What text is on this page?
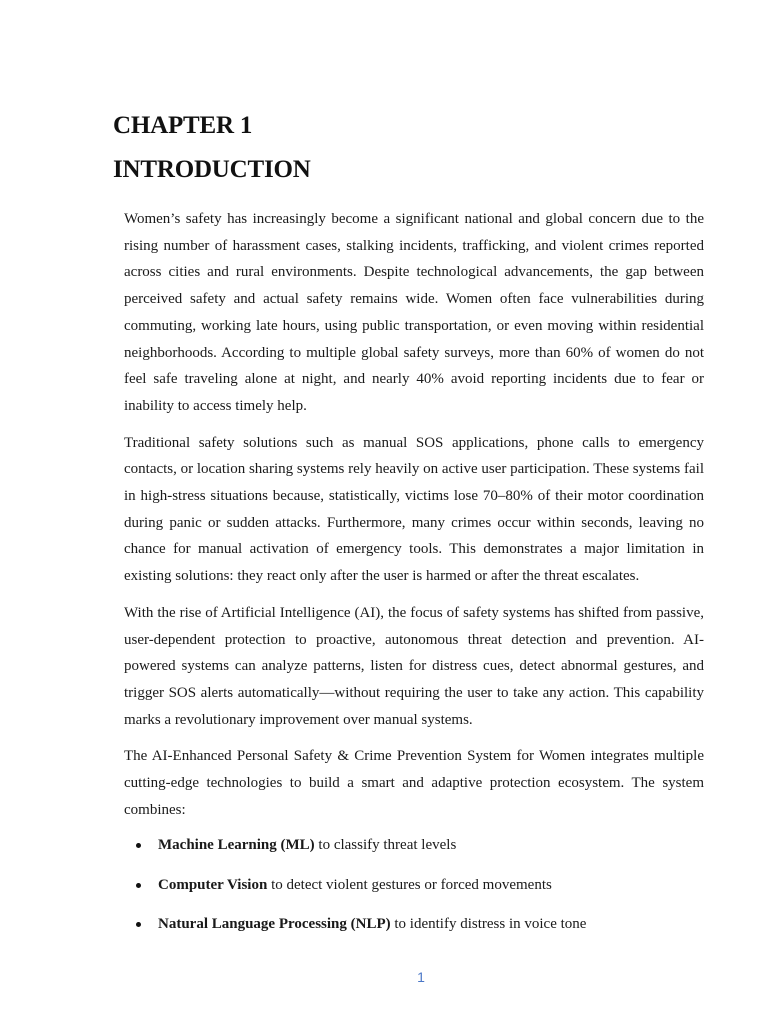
CHAPTER 1
INTRODUCTION

Women’s safety has increasingly become a significant national and global concern due to the rising number of harassment cases, stalking incidents, trafficking, and violent crimes reported across cities and rural environments. Despite technological advancements, the gap between perceived safety and actual safety remains wide. Women often face vulnerabilities during commuting, working late hours, using public transportation, or even moving within residential neighborhoods. According to multiple global safety surveys, more than 60% of women do not feel safe traveling alone at night, and nearly 40% avoid reporting incidents due to fear or inability to access timely help.

Traditional safety solutions such as manual SOS applications, phone calls to emergency contacts, or location sharing systems rely heavily on active user participation. These systems fail in high-stress situations because, statistically, victims lose 70–80% of their motor coordination during panic or sudden attacks. Furthermore, many crimes occur within seconds, leaving no chance for manual activation of emergency tools. This demonstrates a major limitation in existing solutions: they react only after the user is harmed or after the threat escalates.

With the rise of Artificial Intelligence (AI), the focus of safety systems has shifted from passive, user-dependent protection to proactive, autonomous threat detection and prevention. AI-powered systems can analyze patterns, listen for distress cues, detect abnormal gestures, and trigger SOS alerts automatically—without requiring the user to take any action. This capability marks a revolutionary improvement over manual systems.

The AI-Enhanced Personal Safety & Crime Prevention System for Women integrates multiple cutting-edge technologies to build a smart and adaptive protection ecosystem. The system combines:

Machine Learning (ML) to classify threat levels
Computer Vision to detect violent gestures or forced movements
Natural Language Processing (NLP) to identify distress in voice tone
1
